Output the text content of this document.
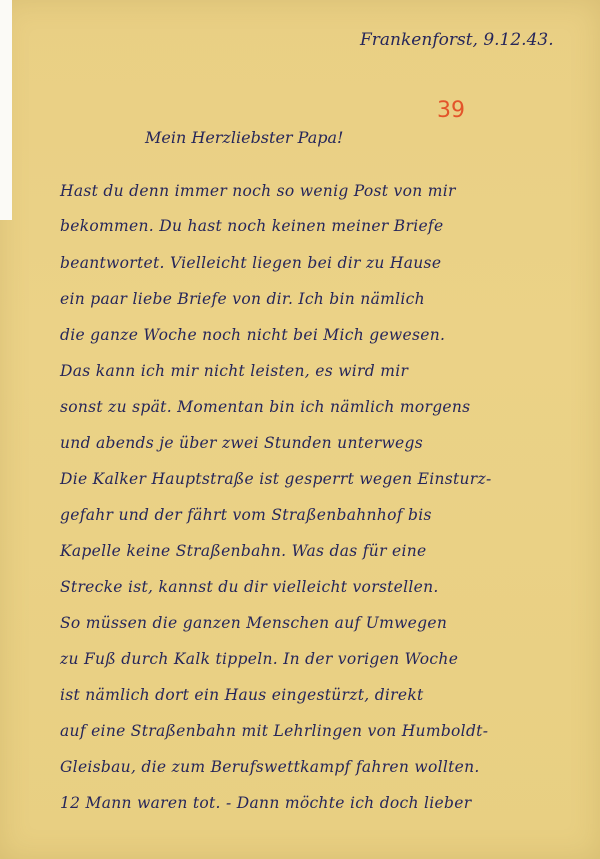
Frankenforst, 9.12.43.
39
Mein Herzliebster Papa!
Hast du denn immer noch so wenig Post von mir
bekommen. Du hast noch keinen meiner Briefe
beantwortet. Vielleicht liegen bei dir zu Hause
ein paar liebe Briefe von dir. Ich bin nämlich
die ganze Woche noch nicht bei Mich gewesen.
Das kann ich mir nicht leisten, es wird mir
sonst zu spät. Momentan bin ich nämlich morgens
und abends je über zwei Stunden unterwegs
Die Kalker Hauptstraße ist gesperrt wegen Einsturz-
gefahr und der fährt vom Straßenbahnhof bis
Kapelle keine Straßenbahn. Was das für eine
Strecke ist, kannst du dir vielleicht vorstellen.
So müssen die ganzen Menschen auf Umwegen
zu Fuß durch Kalk tippeln. In der vorigen Woche
ist nämlich dort ein Haus eingestürzt, direkt
auf eine Straßenbahn mit Lehrlingen von Humboldt-
Gleisbau, die zum Berufswettkampf fahren wollten.
12 Mann waren tot. - Dann möchte ich doch lieber
